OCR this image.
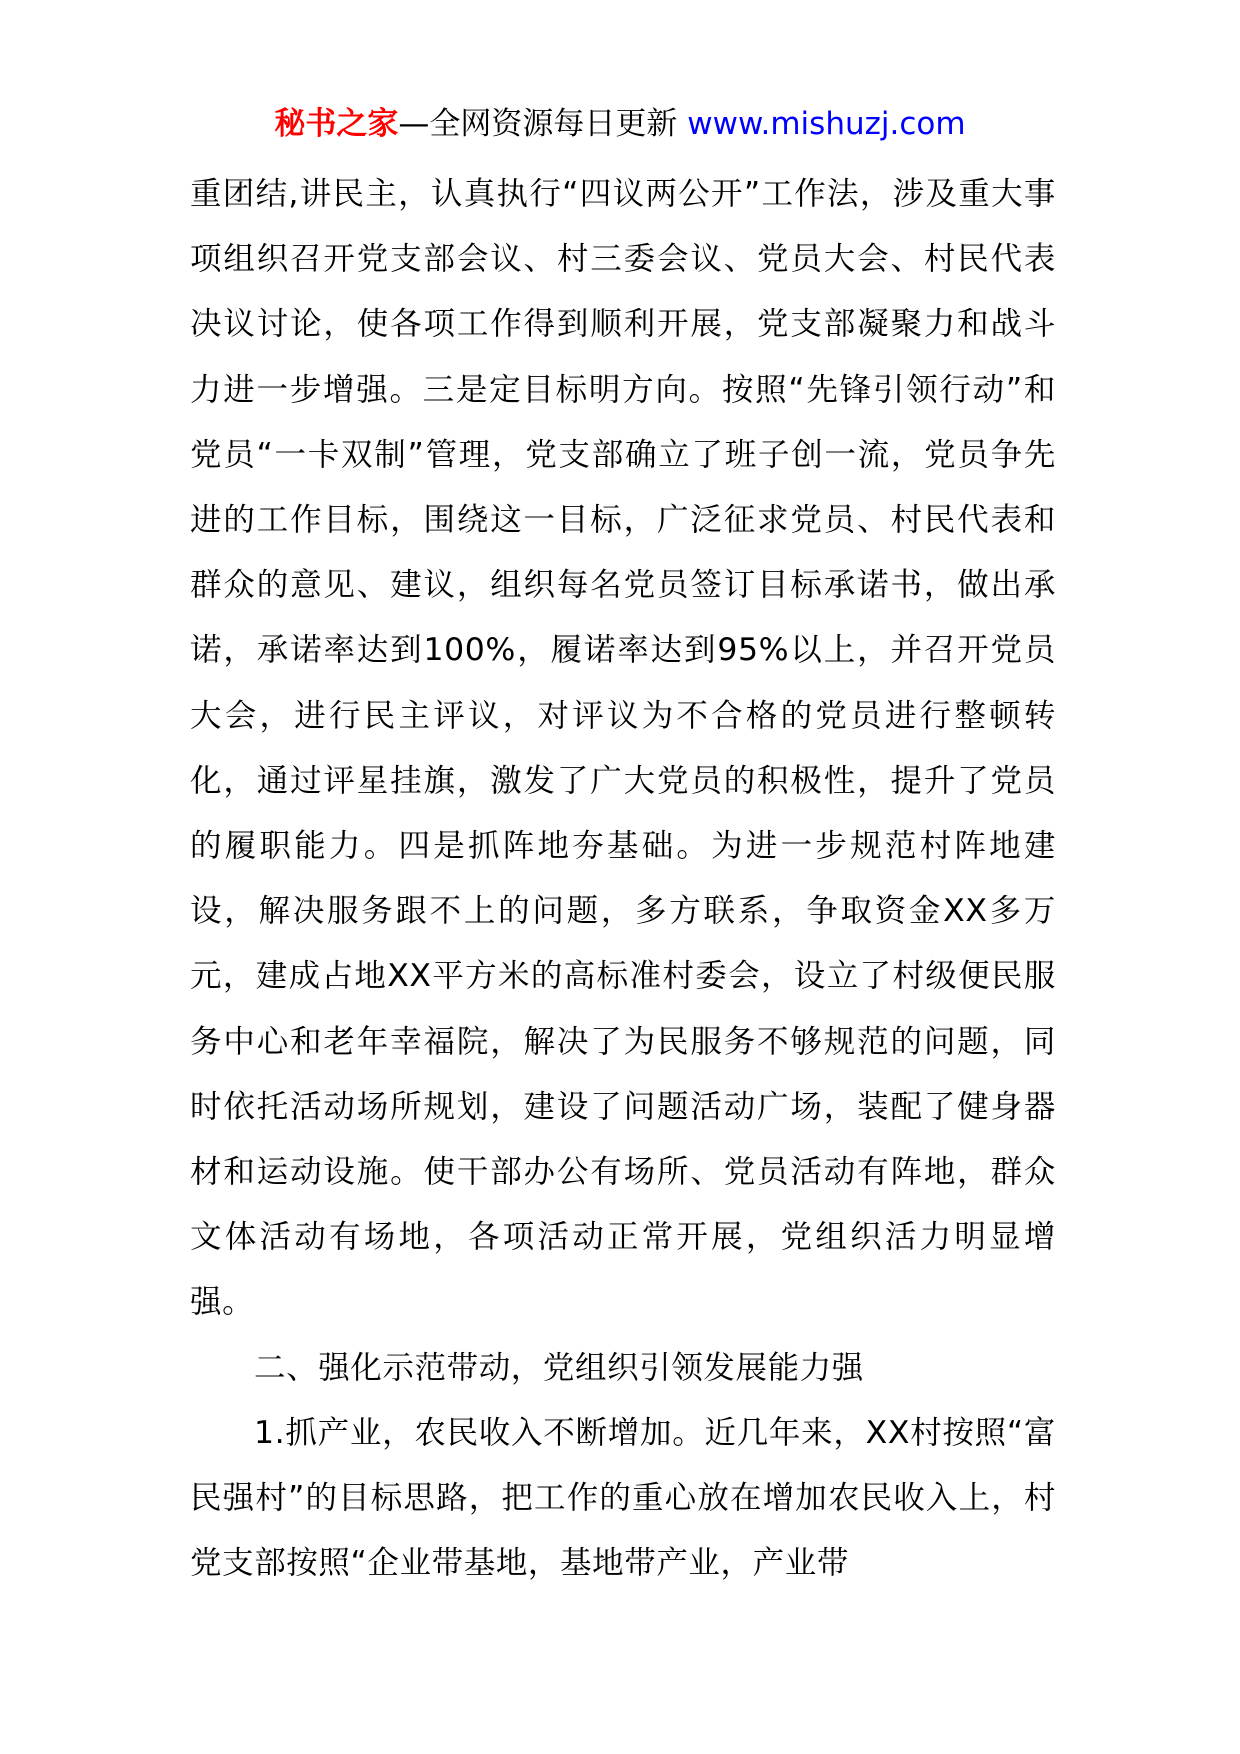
秘书之家—全网资源每日更新 www.mishuzj.com

重团结,讲民主，认真执行“四议两公开”工作法，涉及重大事项组织召开党支部会议、村三委会议、党员大会、村民代表决议讨论，使各项工作得到顺利开展，党支部凝聚力和战斗力进一步增强。三是定目标明方向。按照“先锋引领行动”和党员“一卡双制”管理，党支部确立了班子创一流，党员争先进的工作目标，围绕这一目标，广泛征求党员、村民代表和群众的意见、建议，组织每名党员签订目标承诺书，做出承诺，承诺率达到100%，履诺率达到95%以上，并召开党员大会，进行民主评议，对评议为不合格的党员进行整顿转化，通过评星挂旗，激发了广大党员的积极性，提升了党员的履职能力。四是抓阵地夯基础。为进一步规范村阵地建设，解决服务跟不上的问题，多方联系，争取资金XX多万元，建成占地XX平方米的高标准村委会，设立了村级便民服务中心和老年幸福院，解决了为民服务不够规范的问题，同时依托活动场所规划，建设了问题活动广场，装配了健身器材和运动设施。使干部办公有场所、党员活动有阵地，群众文体活动有场地，各项活动正常开展，党组织活力明显增强。

二、强化示范带动，党组织引领发展能力强

1.抓产业，农民收入不断增加。近几年来，XX村按照“富民强村”的目标思路，把工作的重心放在增加农民收入上，村党支部按照“企业带基地，基地带产业，产业带
